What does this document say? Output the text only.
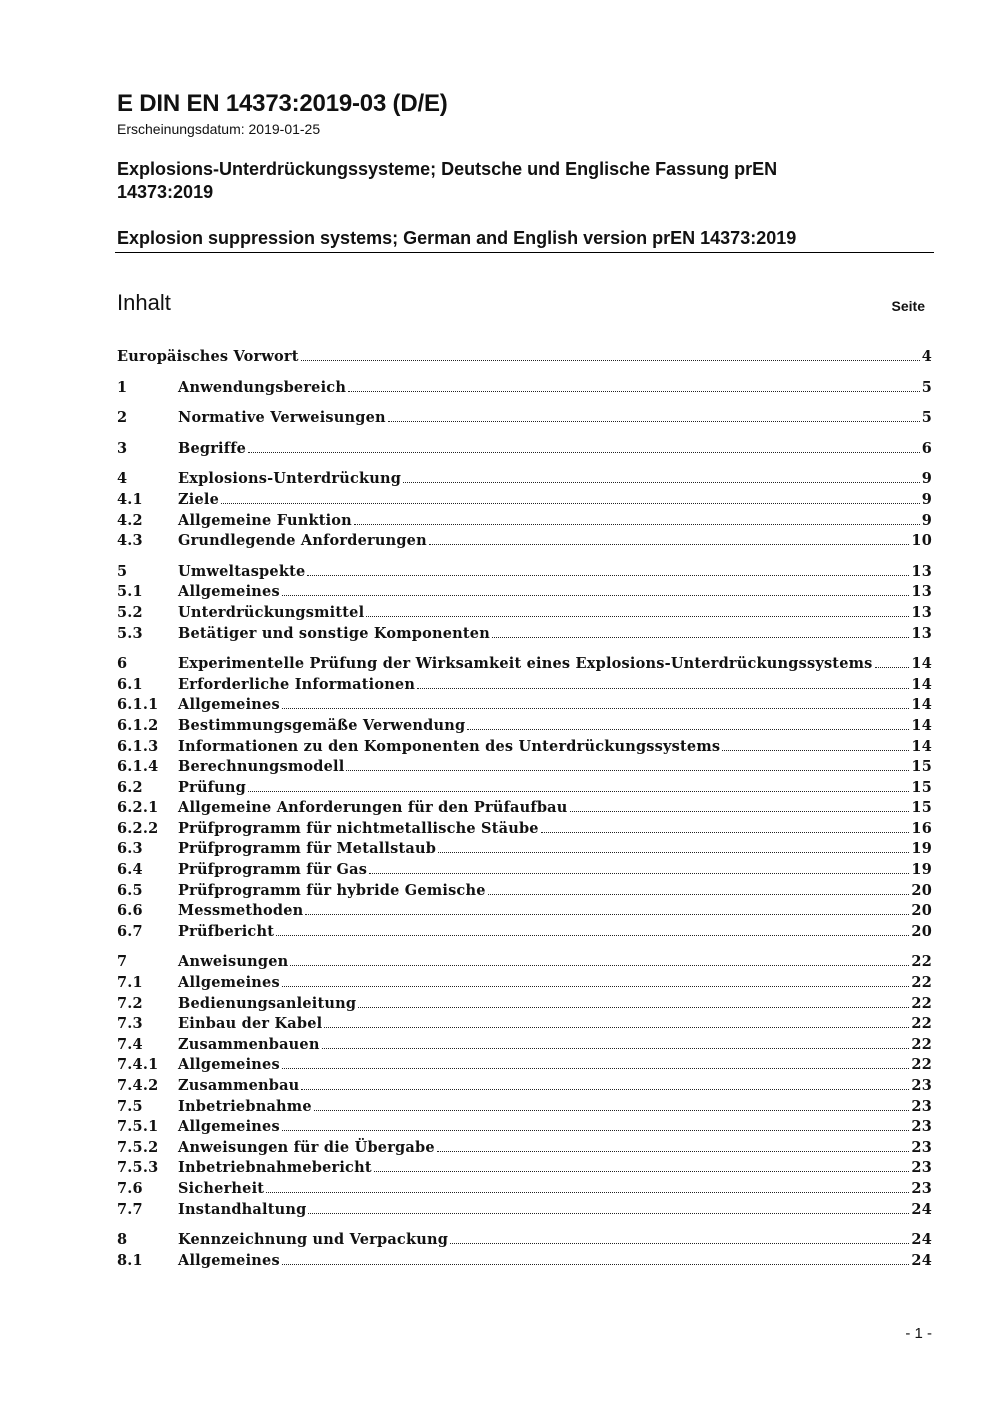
E DIN EN 14373:2019-03 (D/E)
Erscheinungsdatum: 2019-01-25
Explosions-Unterdrückungssysteme; Deutsche und Englische Fassung prEN 14373:2019
Explosion suppression systems; German and English version prEN 14373:2019
Inhalt	Seite
Europäisches Vorwort	4
1	Anwendungsbereich	5
2	Normative Verweisungen	5
3	Begriffe	6
4	Explosions-Unterdrückung	9
4.1	Ziele	9
4.2	Allgemeine Funktion	9
4.3	Grundlegende Anforderungen	10
5	Umweltaspekte	13
5.1	Allgemeines	13
5.2	Unterdrückungsmittel	13
5.3	Betätiger und sonstige Komponenten	13
6	Experimentelle Prüfung der Wirksamkeit eines Explosions-Unterdrückungssystems	14
6.1	Erforderliche Informationen	14
6.1.1	Allgemeines	14
6.1.2	Bestimmungsgemäße Verwendung	14
6.1.3	Informationen zu den Komponenten des Unterdrückungssystems	14
6.1.4	Berechnungsmodell	15
6.2	Prüfung	15
6.2.1	Allgemeine Anforderungen für den Prüfaufbau	15
6.2.2	Prüfprogramm für nichtmetallische Stäube	16
6.3	Prüfprogramm für Metallstaub	19
6.4	Prüfprogramm für Gas	19
6.5	Prüfprogramm für hybride Gemische	20
6.6	Messmethoden	20
6.7	Prüfbericht	20
7	Anweisungen	22
7.1	Allgemeines	22
7.2	Bedienungsanleitung	22
7.3	Einbau der Kabel	22
7.4	Zusammenbauen	22
7.4.1	Allgemeines	22
7.4.2	Zusammenbau	23
7.5	Inbetriebnahme	23
7.5.1	Allgemeines	23
7.5.2	Anweisungen für die Übergabe	23
7.5.3	Inbetriebnahmebericht	23
7.6	Sicherheit	23
7.7	Instandhaltung	24
8	Kennzeichnung und Verpackung	24
8.1	Allgemeines	24
- 1 -
